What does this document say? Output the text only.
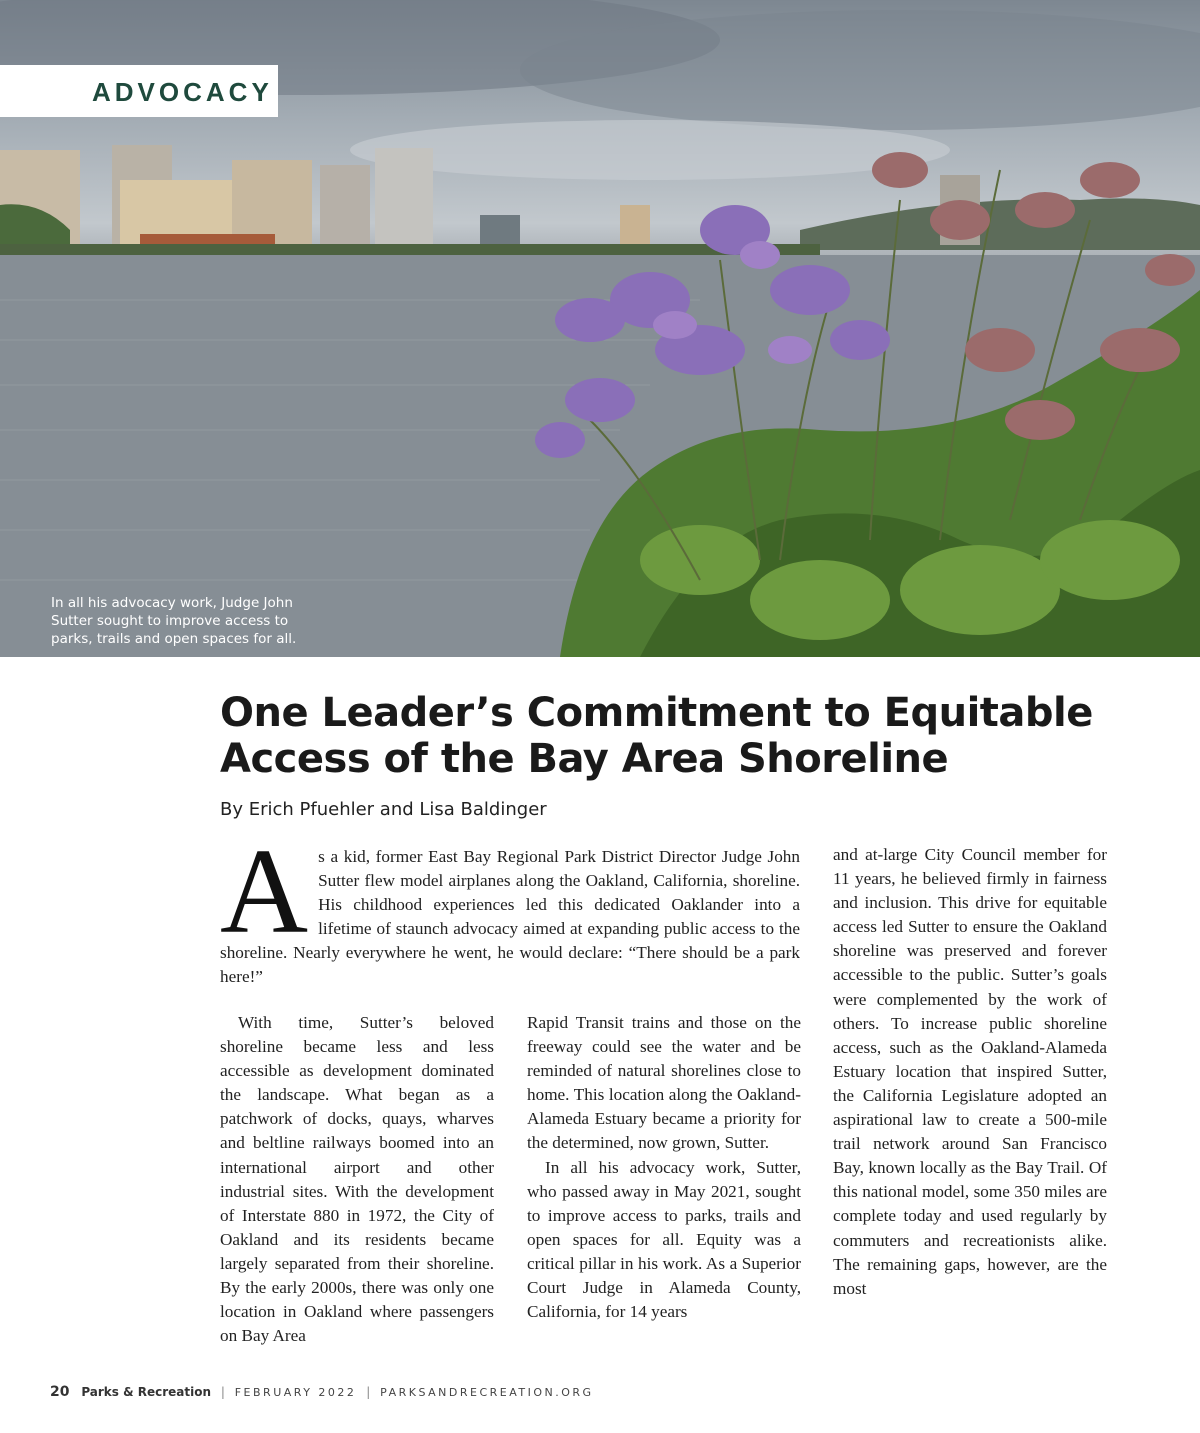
ADVOCACY
In all his advocacy work, Judge John Sutter sought to improve access to parks, trails and open spaces for all.
One Leader’s Commitment to Equitable Access of the Bay Area Shoreline
By Erich Pfuehler and Lisa Baldinger
A s a kid, former East Bay Regional Park District Director Judge John Sutter flew model airplanes along the Oakland, California, shoreline. His childhood experiences led this dedicated Oaklander into a lifetime of staunch advocacy aimed at expanding public access to the shoreline. Nearly everywhere he went, he would declare: “There should be a park here!”

With time, Sutter’s beloved shoreline became less and less accessible as development dominated the landscape. What began as a patchwork of docks, quays, wharves and beltline railways boomed into an international airport and other industrial sites. With the development of Interstate 880 in 1972, the City of Oakland and its residents became largely separated from their shoreline. By the early 2000s, there was only one location in Oakland where passengers on Bay Area

Rapid Transit trains and those on the freeway could see the water and be reminded of natural shorelines close to home. This location along the Oakland-Alameda Estuary became a priority for the determined, now grown, Sutter.

In all his advocacy work, Sutter, who passed away in May 2021, sought to improve access to parks, trails and open spaces for all. Equity was a critical pillar in his work. As a Superior Court Judge in Alameda County, California, for 14 years

and at-large City Council member for 11 years, he believed firmly in fairness and inclusion. This drive for equitable access led Sutter to ensure the Oakland shoreline was preserved and forever accessible to the public. Sutter’s goals were complemented by the work of others. To increase public shoreline access, such as the Oakland-Alameda Estuary location that inspired Sutter, the California Legislature adopted an aspirational law to create a 500-mile trail network around San Francisco Bay, known locally as the Bay Trail. Of this national model, some 350 miles are complete today and used regularly by commuters and recreationists alike. The remaining gaps, however, are the most

20 Parks & Recreation | FEBRUARY 2022 | PARKSANDRECREATION.ORG
